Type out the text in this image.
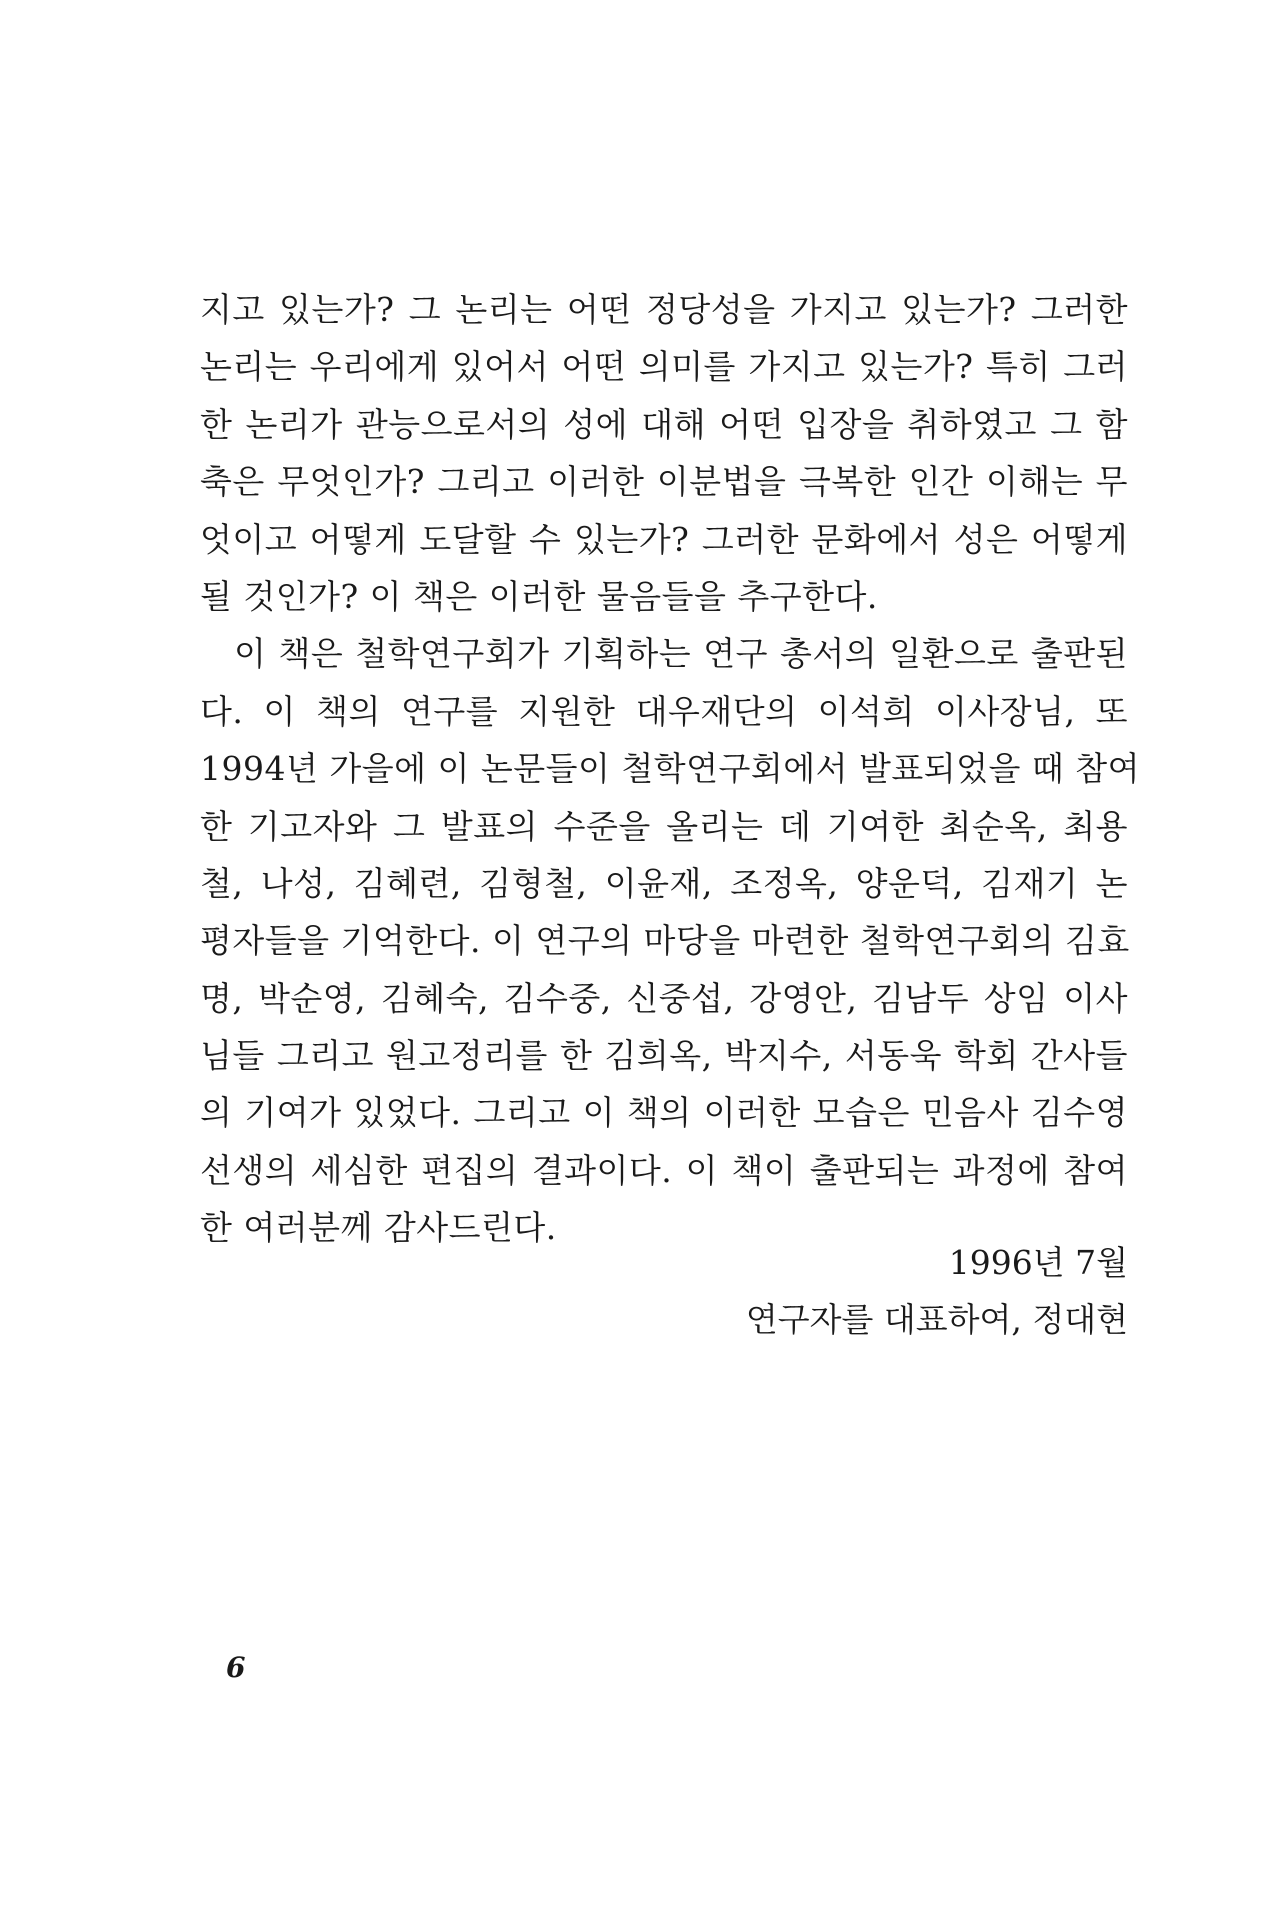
지고 있는가? 그 논리는 어떤 정당성을 가지고 있는가? 그러한
논리는 우리에게 있어서 어떤 의미를 가지고 있는가? 특히 그러
한 논리가 관능으로서의 성에 대해 어떤 입장을 취하였고 그 함
축은 무엇인가? 그리고 이러한 이분법을 극복한 인간 이해는 무
엇이고 어떻게 도달할 수 있는가? 그러한 문화에서 성은 어떻게
될 것인가? 이 책은 이러한 물음들을 추구한다.
이 책은 철학연구회가 기획하는 연구 총서의 일환으로 출판된
다. 이 책의 연구를 지원한 대우재단의 이석희 이사장님, 또
1994년 가을에 이 논문들이 철학연구회에서 발표되었을 때 참여
한 기고자와 그 발표의 수준을 올리는 데 기여한 최순옥, 최용
철, 나성, 김혜련, 김형철, 이윤재, 조정옥, 양운덕, 김재기 논
평자들을 기억한다. 이 연구의 마당을 마련한 철학연구회의 김효
명, 박순영, 김혜숙, 김수중, 신중섭, 강영안, 김남두 상임 이사
님들 그리고 원고정리를 한 김희옥, 박지수, 서동욱 학회 간사들
의 기여가 있었다. 그리고 이 책의 이러한 모습은 민음사 김수영
선생의 세심한 편집의 결과이다. 이 책이 출판되는 과정에 참여
한 여러분께 감사드린다.
1996년 7월
연구자를 대표하여, 정대현
6
